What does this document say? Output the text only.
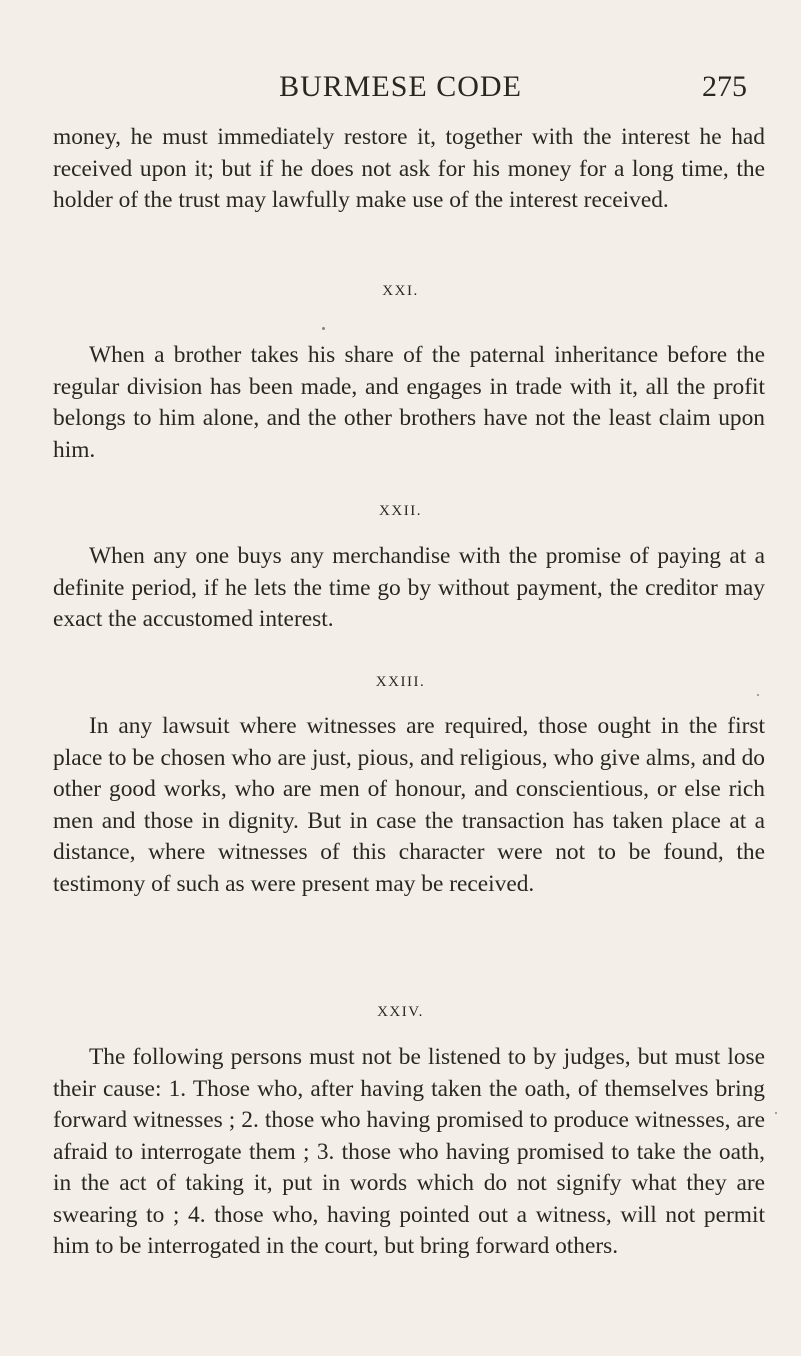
BURMESE CODE	275

money, he must immediately restore it, together with the interest he had received upon it; but if he does not ask for his money for a long time, the holder of the trust may lawfully make use of the interest received.

XXI.

When a brother takes his share of the paternal inheritance before the regular division has been made, and engages in trade with it, all the profit belongs to him alone, and the other brothers have not the least claim upon him.

XXII.

When any one buys any merchandise with the promise of paying at a definite period, if he lets the time go by without payment, the creditor may exact the accustomed interest.

XXIII.

In any lawsuit where witnesses are required, those ought in the first place to be chosen who are just, pious, and religious, who give alms, and do other good works, who are men of honour, and conscientious, or else rich men and those in dignity. But in case the transaction has taken place at a distance, where witnesses of this character were not to be found, the testimony of such as were present may be received.

XXIV.

The following persons must not be listened to by judges, but must lose their cause: 1. Those who, after having taken the oath, of themselves bring forward witnesses ; 2. those who having promised to produce witnesses, are afraid to interrogate them ; 3. those who having promised to take the oath, in the act of taking it, put in words which do not signify what they are swearing to ; 4. those who, having pointed out a witness, will not permit him to be interrogated in the court, but bring forward others.
